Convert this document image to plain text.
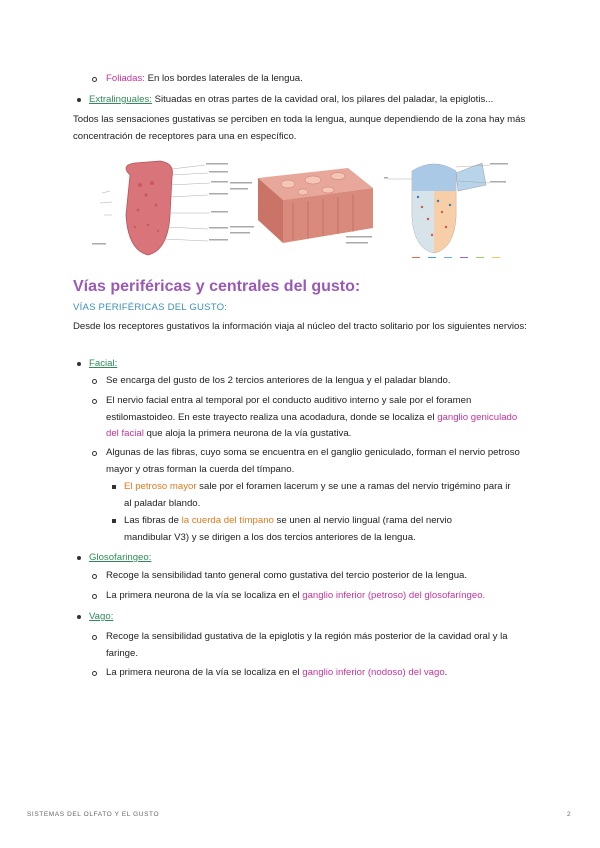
Foliadas: En los bordes laterales de la lengua.
Extralinguales: Situadas en otras partes de la cavidad oral, los pilares del paladar, la epiglotis...
Todos las sensaciones gustativas se perciben en toda la lengua, aunque dependiendo de la zona hay más concentración de receptores para una en específico.
Vías periféricas y centrales del gusto:
VÍAS PERIFÉRICAS DEL GUSTO:
Desde los receptores gustativos la información viaja al núcleo del tracto solitario por los siguientes nervios:
Facial:
Se encarga del gusto de los 2 tercios anteriores de la lengua y el paladar blando.
El nervio facial entra al temporal por el conducto auditivo interno y sale por el foramen estilomastoideo. En este trayecto realiza una acodadura, donde se localiza el ganglio geniculado del facial que aloja la primera neurona de la vía gustativa.
Algunas de las fibras, cuyo soma se encuentra en el ganglio geniculado, forman el nervio petroso mayor y otras forman la cuerda del tímpano.
El petroso mayor sale por el foramen lacerum y se une a ramas del nervio trigémino para ir al paladar blando.
Las fibras de la cuerda del tímpano se unen al nervio lingual (rama del nervio mandibular V3) y se dirigen a los dos tercios anteriores de la lengua.
Glosofaringeo:
Recoge la sensibilidad tanto general como gustativa del tercio posterior de la lengua.
La primera neurona de la vía se localiza en el ganglio inferior (petroso) del glosofaríngeo.
Vago:
Recoge la sensibilidad gustativa de la epiglotis y la región más posterior de la cavidad oral y la faringe.
La primera neurona de la vía se localiza en el ganglio inferior (nodoso) del vago.
SISTEMAS DEL OLFATO Y EL GUSTO	2
